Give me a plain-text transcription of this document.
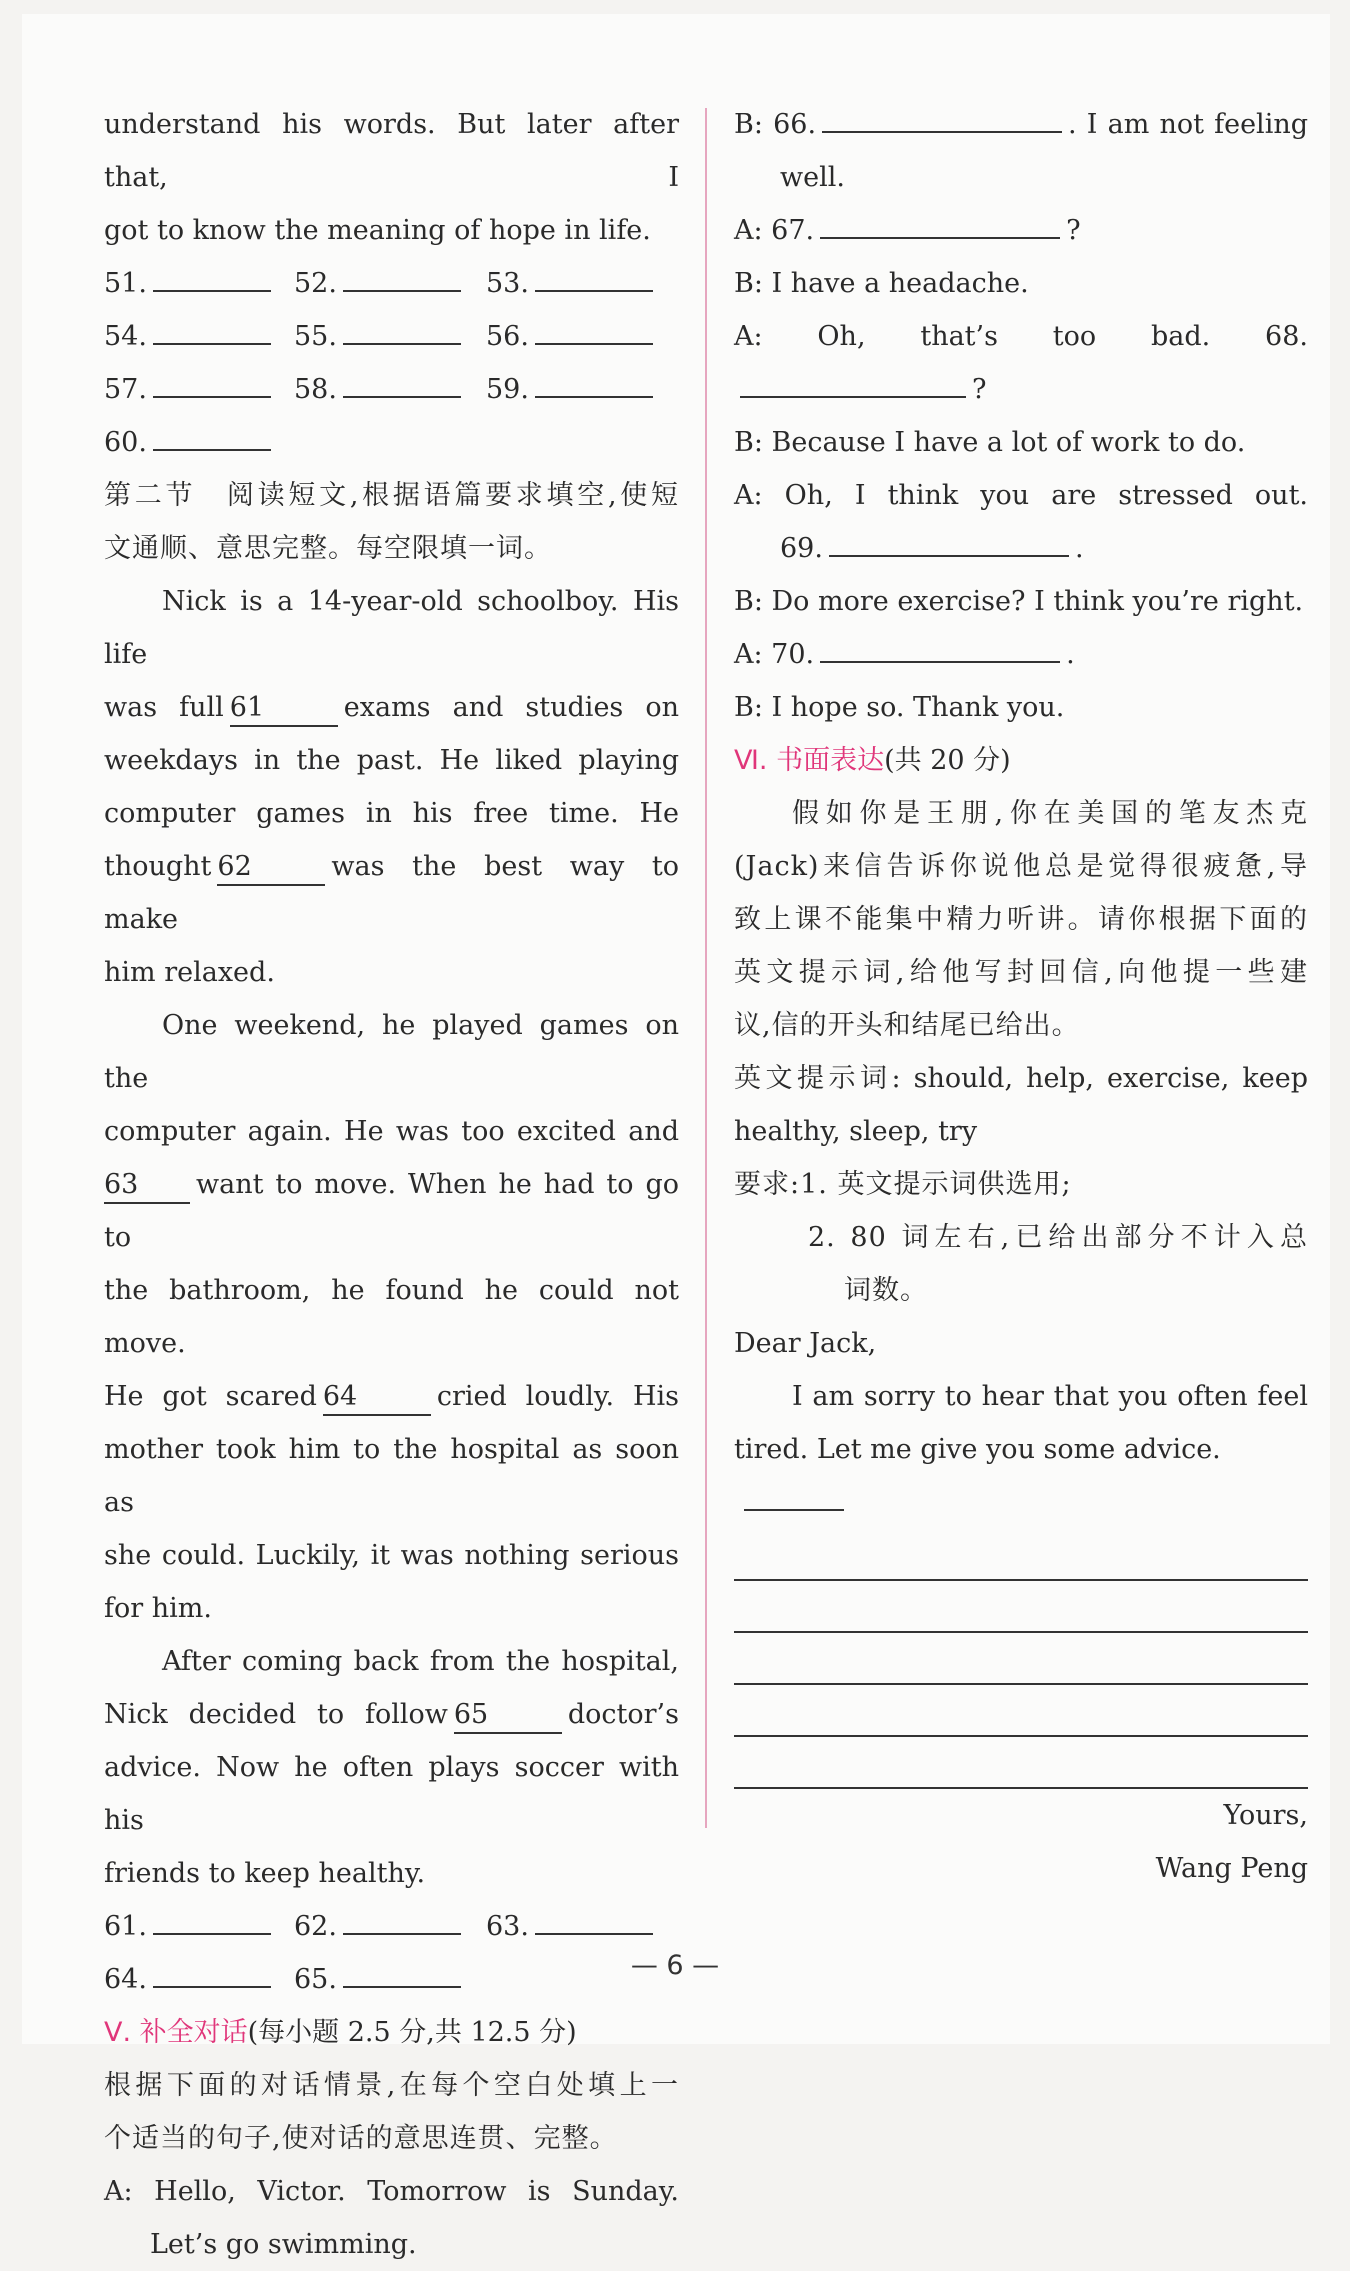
understand his words. But later after that, I

got to know the meaning of hope in life.

51.	52.	53.
54.	55.	56.
57.	58.	59.
60.

第二节　阅读短文,根据语篇要求填空,使短

文通顺、意思完整。每空限填一词。

Nick is a 14-year-old schoolboy. His life

was full 61	exams and studies on

weekdays in the past. He liked playing

computer games in his free time. He

thought 62	was the best way to make

him relaxed.

One weekend, he played games on the

computer again. He was too excited and

63 want to move. When he had to go to

the bathroom, he found he could not move.

He got scared 64	cried loudly. His

mother took him to the hospital as soon as

she could. Luckily, it was nothing serious

for him.

After coming back from the hospital,

Nick decided to follow 65	doctor’s

advice. Now he often plays soccer with his

friends to keep healthy.

61.	62.	63.
64.	65.

Ⅴ. 补全对话(每小题 2.5 分,共 12.5 分)

根据下面的对话情景,在每个空白处填上一

个适当的句子,使对话的意思连贯、完整。

A: Hello, Victor. Tomorrow is Sunday.

Let’s go swimming.

B: 66.	. I am not feeling

well.

A: 67.	?

B: I have a headache.

A: Oh, that’s too bad. 68.?

B: Because I have a lot of work to do.

A: Oh, I think you are stressed out.

69.	.

B: Do more exercise? I think you’re right.

A: 70.	.

B: I hope so. Thank you.

Ⅵ. 书面表达(共 20 分)

假如你是王朋,你在美国的笔友杰克

(Jack)来信告诉你说他总是觉得很疲惫,导

致上课不能集中精力听讲。请你根据下面的

英文提示词,给他写封回信,向他提一些建

议,信的开头和结尾已给出。

英文提示词: should, help, exercise, keep

healthy, sleep, try

要求:1. 英文提示词供选用;

2. 80 词左右,已给出部分不计入总

词数。

Dear Jack,

I am sorry to hear that you often feel

tired. Let me give you some advice.

Yours,

Wang Peng

— 6 —
